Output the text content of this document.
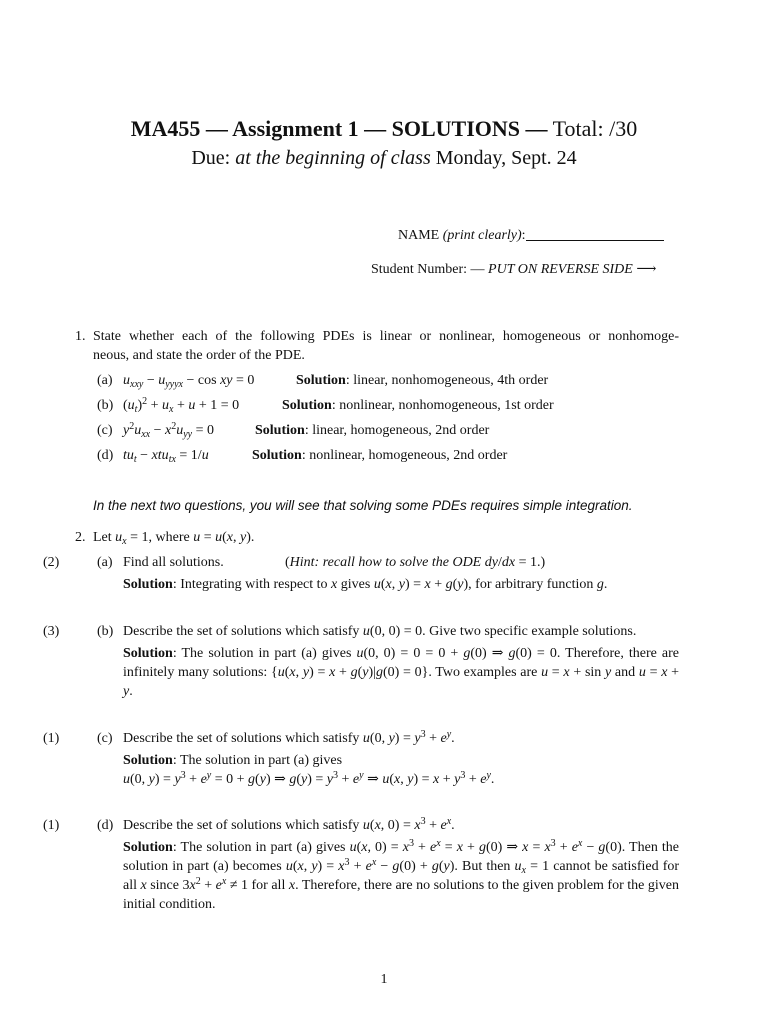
MA455 — Assignment 1 — SOLUTIONS — Total: /30
Due: at the beginning of class Monday, Sept. 24
NAME (print clearly):
Student Number: — PUT ON REVERSE SIDE ⟶
1. State whether each of the following PDEs is linear or nonlinear, homogeneous or nonhomoge-
neous, and state the order of the PDE.
(a) $u_{xxy} - u_{yyyx} - \cos$ xy = 0	Solution: linear, nonhomogeneous, 4th order
(b) $(u_t)^2 + u_x + u + 1 = 0$	Solution: nonlinear, nonhomogeneous, 1st order
(c) $y^2u_{xx} - x^2u_{yy} = 0$	Solution: linear, homogeneous, 2nd order
(d) $tu_t - xtu_{tx} = 1/u$	Solution: nonlinear, homogeneous, 2nd order
In the next two questions, you will see that solving some PDEs requires simple integration.
2. Let $u_x = 1$, where u = u(x, y).
(2)	(a) Find all solutions.	(Hint: recall how to solve the ODE dy/dx = 1.)
Solution: Integrating with respect to x gives u(x, y) = x + g(y), for arbitrary function g.
(3)	(b) Describe the set of solutions which satisfy u(0, 0) = 0. Give two specific example solutions.
Solution: The solution in part (a) gives u(0, 0) = 0 = 0 + g(0) ⇒ g(0) = 0. Therefore, there are infinitely many solutions: {u(x, y) = x + g(y)|g(0) = 0}. Two examples are u = x + sin y and u = x + y.
(1)	(c) Describe the set of solutions which satisfy u(0, $y) = y^3 + e^y$.
Solution: The solution in part (a) gives
u(0, $y) = y^3 + e^y = 0 + g(y)$ ⇒ $g(y) = y^3 + e^y$ ⇒ u(x, $y) = x + y^3 + e^y$.
(1)	(d) Describe the set of solutions which satisfy u(x, $0) = x^3 + e^x$.
Solution: The solution in part (a) gives u(x, $0) = x^3 + e^x = x + g(0)$ ⇒ $x = x^3 + e^x - g(0)$. Then the solution in part (a) becomes u(x, $y) = x^3 + e^x - g(0) + g(y)$. But then $u_x = 1$ cannot be satisfied for all x since $3x^2 + e^x \ne 1$ for all x. Therefore, there are no solutions to the given problem for the given initial condition.
1
